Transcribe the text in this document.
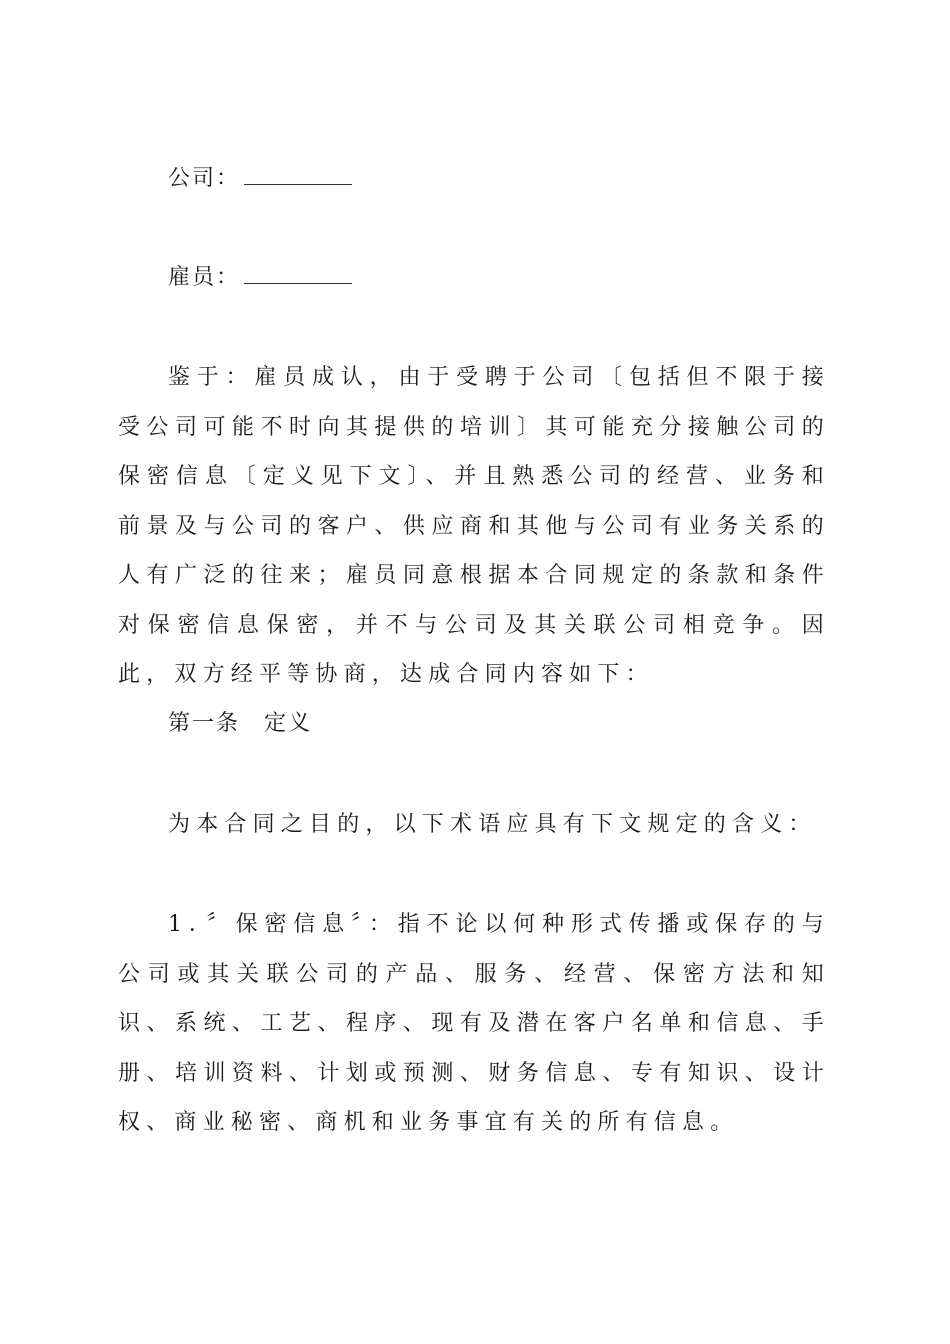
公司：
雇员：

鉴于：雇员成认，由于受聘于公司〔包括但不限于接受公司可能不时向其提供的培训〕其可能充分接触公司的保密信息〔定义见下文〕、并且熟悉公司的经营、业务和前景及与公司的客户、供应商和其他与公司有业务关系的人有广泛的往来；雇员同意根据本合同规定的条款和条件对保密信息保密，并不与公司及其关联公司相竞争。因此，双方经平等协商，达成合同内容如下：

第一条 定义

为本合同之目的，以下术语应具有下文规定的含义：

1．〞保密信息〞：指不论以何种形式传播或保存的与公司或其关联公司的产品、服务、经营、保密方法和知识、系统、工艺、程序、现有及潜在客户名单和信息、手册、培训资料、计划或预测、财务信息、专有知识、设计权、商业秘密、商机和业务事宜有关的所有信息。
